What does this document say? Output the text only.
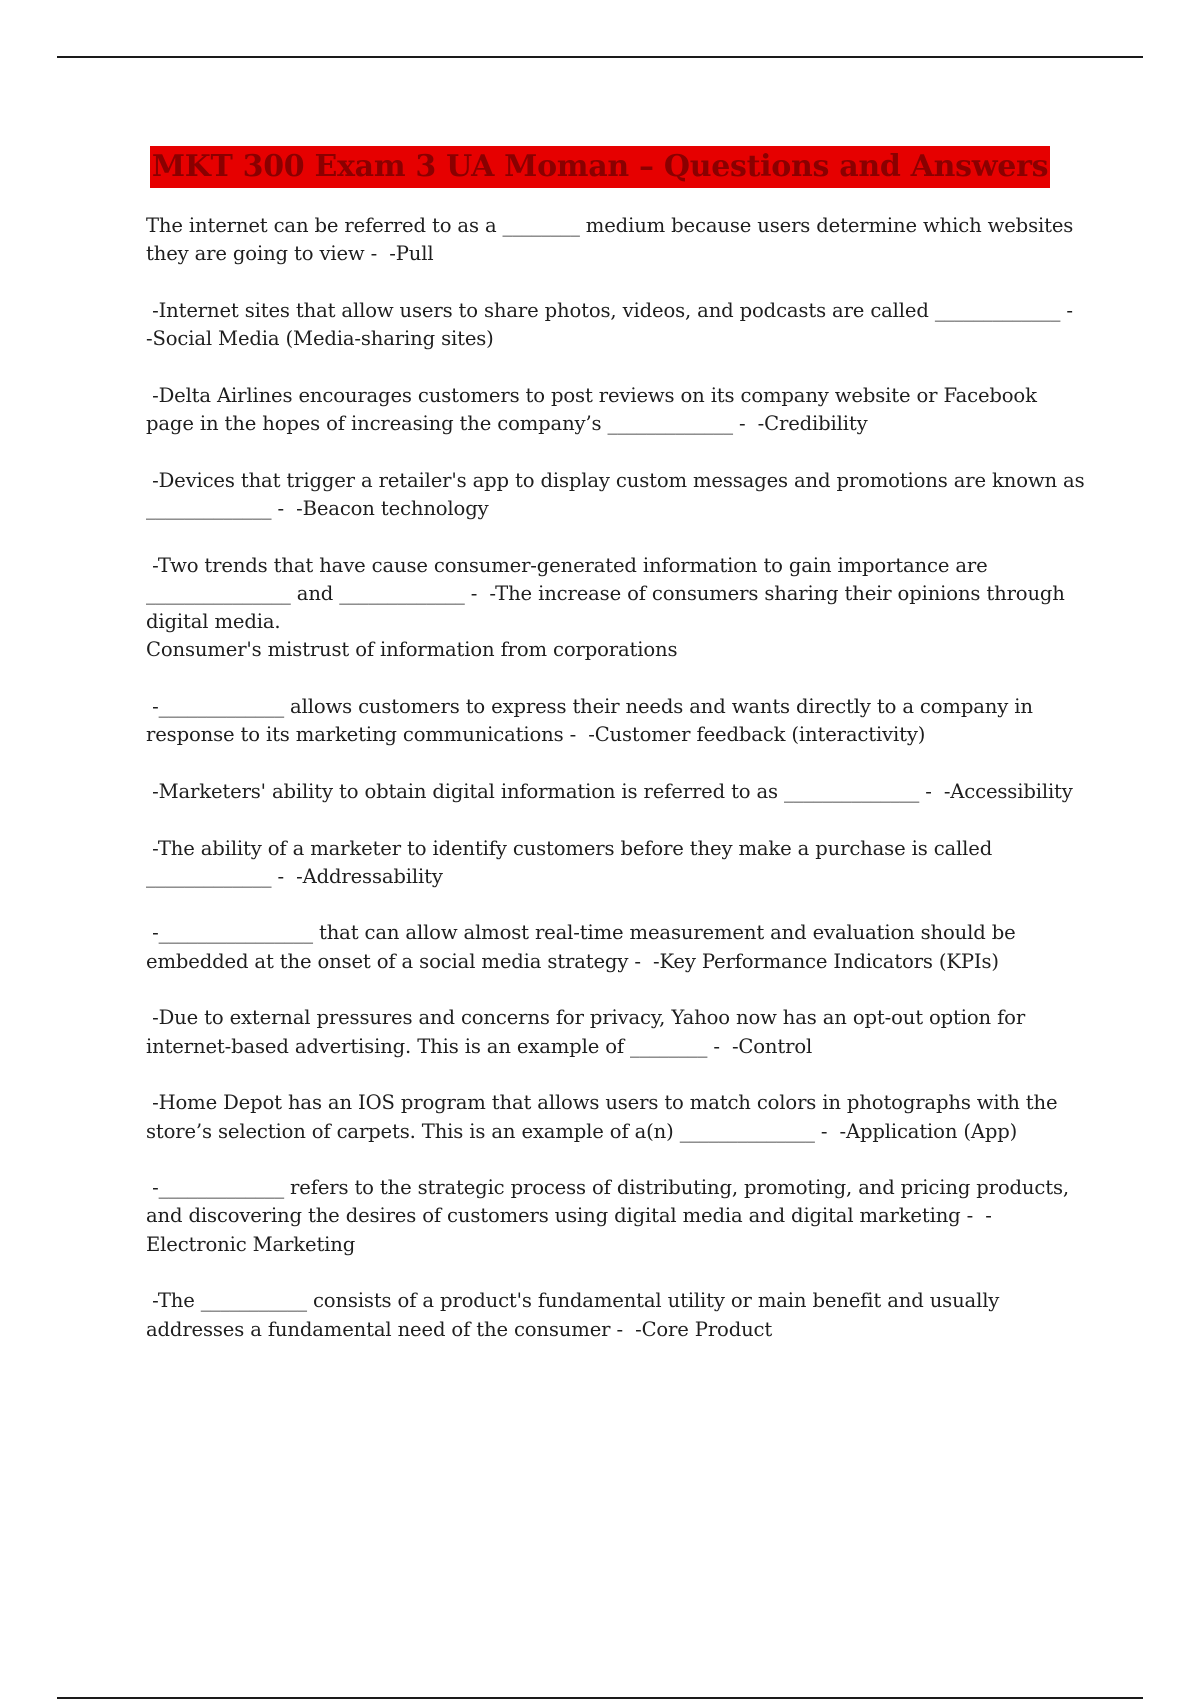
MKT 300 Exam 3 UA Moman – Questions and Answers
The internet can be referred to as a ________ medium because users determine which websites they are going to view -  -Pull
-Internet sites that allow users to share photos, videos, and podcasts are called _____________ -  -Social Media (Media-sharing sites)
-Delta Airlines encourages customers to post reviews on its company website or Facebook page in the hopes of increasing the company’s _____________ -  -Credibility
-Devices that trigger a retailer's app to display custom messages and promotions are known as _____________ -  -Beacon technology
-Two trends that have cause consumer-generated information to gain importance are _______________ and _____________ -  -The increase of consumers sharing their opinions through digital media.
Consumer's mistrust of information from corporations
-_____________ allows customers to express their needs and wants directly to a company in response to its marketing communications -  -Customer feedback (interactivity)
-Marketers' ability to obtain digital information is referred to as ______________ -  -Accessibility
-The ability of a marketer to identify customers before they make a purchase is called _____________ -  -Addressability
-________________ that can allow almost real-time measurement and evaluation should be embedded at the onset of a social media strategy -  -Key Performance Indicators (KPIs)
-Due to external pressures and concerns for privacy, Yahoo now has an opt-out option for internet-based advertising. This is an example of ________ -  -Control
-Home Depot has an IOS program that allows users to match colors in photographs with the store’s selection of carpets. This is an example of a(n) ______________ -  -Application (App)
-_____________ refers to the strategic process of distributing, promoting, and pricing products, and discovering the desires of customers using digital media and digital marketing -  -Electronic Marketing
-The ___________ consists of a product's fundamental utility or main benefit and usually addresses a fundamental need of the consumer -  -Core Product
